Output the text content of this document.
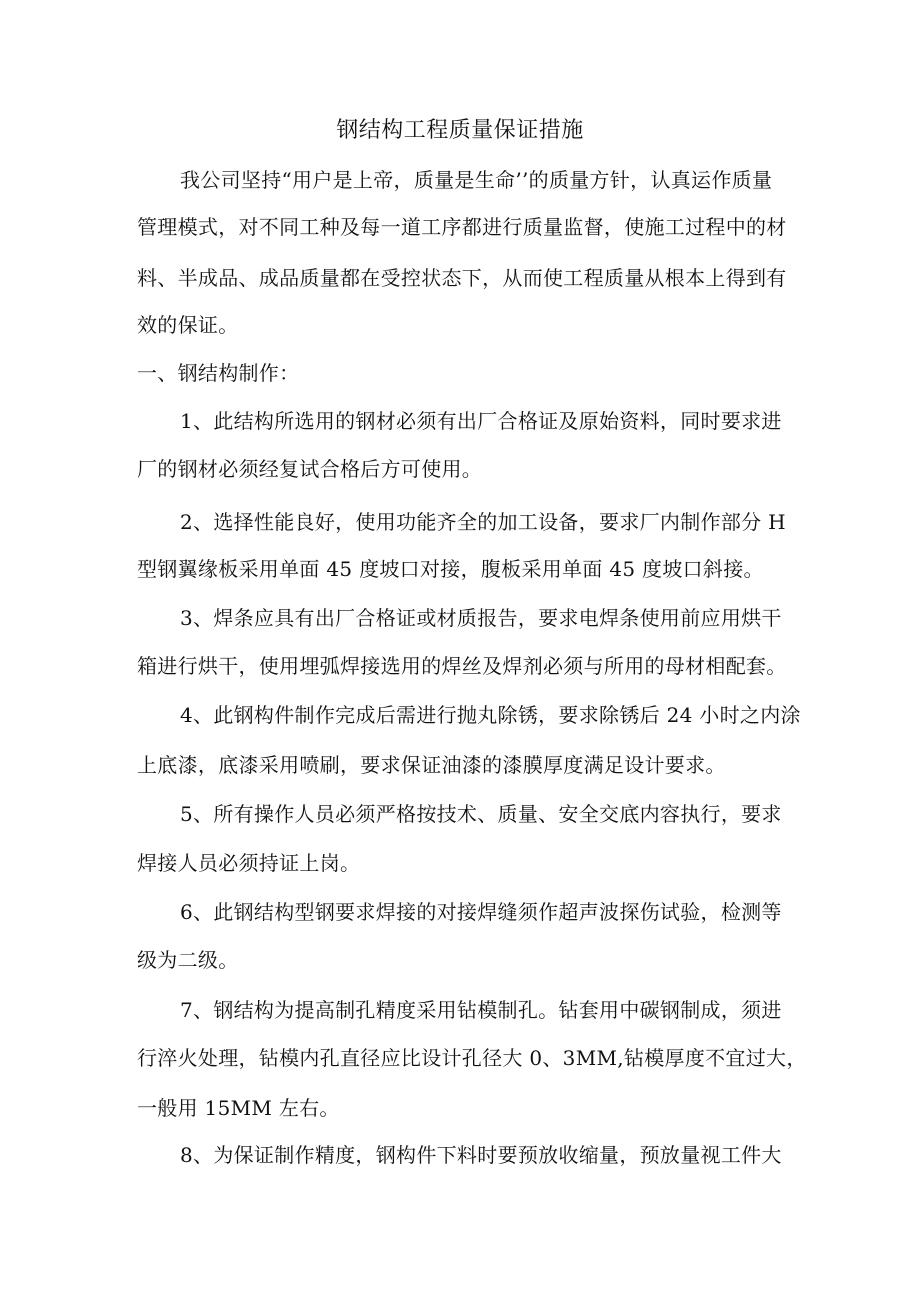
钢结构工程质量保证措施
我公司坚持“用户是上帝，质量是生命’’的质量方针，认真运作质量
管理模式，对不同工种及每一道工序都进行质量监督，使施工过程中的材
料、半成品、成品质量都在受控状态下，从而使工程质量从根本上得到有
效的保证。
一、钢结构制作：
1、此结构所选用的钢材必须有出厂合格证及原始资料，同时要求进
厂的钢材必须经复试合格后方可使用。
2、选择性能良好，使用功能齐全的加工设备，要求厂内制作部分 H
型钢翼缘板采用单面 45 度坡口对接，腹板采用单面 45 度坡口斜接。
3、焊条应具有出厂合格证或材质报告，要求电焊条使用前应用烘干
箱进行烘干，使用埋弧焊接选用的焊丝及焊剂必须与所用的母材相配套。
4、此钢构件制作完成后需进行抛丸除锈，要求除锈后 24 小时之内涂
上底漆，底漆采用喷刷，要求保证油漆的漆膜厚度满足设计要求。
5、所有操作人员必须严格按技术、质量、安全交底内容执行，要求
焊接人员必须持证上岗。
6、此钢结构型钢要求焊接的对接焊缝须作超声波探伤试验，检测等
级为二级。
7、钢结构为提高制孔精度采用钻模制孔。钻套用中碳钢制成，须进
行淬火处理，钻模内孔直径应比设计孔径大 0、3MM,钻模厚度不宜过大，
一般用 15MM 左右。
8、为保证制作精度，钢构件下料时要预放收缩量，预放量视工件大
